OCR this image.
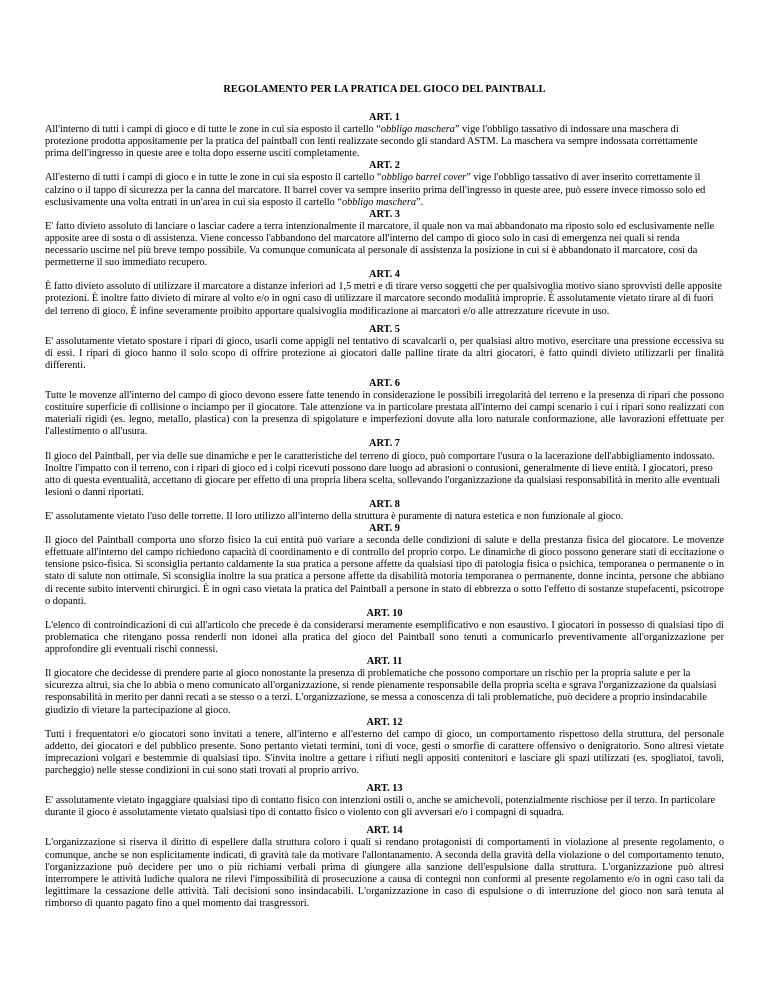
REGOLAMENTO PER LA PRATICA DEL GIOCO DEL PAINTBALL
ART. 1
All'interno di tutti i campi di gioco e di tutte le zone in cui sia esposto il cartello “obbligo maschera” vige l'obbligo tassativo di indossare una maschera di protezione prodotta appositamente per la pratica del paintball con lenti realizzate secondo gli standard ASTM. La maschera va sempre indossata correttamente prima dell'ingresso in queste aree e tolta dopo esserne usciti completamente.
ART. 2
All'esterno di tutti i campi di gioco e in tutte le zone in cui sia esposto il cartello “obbligo barrel cover” vige l'obbligo tassativo di aver inserito correttamente il calzino o il tappo di sicurezza per la canna del marcatore. Il barrel cover va sempre inserito prima dell'ingresso in queste aree, può essere invece rimosso solo ed esclusivamente una volta entrati in un'area in cui sia esposto il cartello “obbligo maschera”.
ART. 3
E' fatto divieto assoluto di lanciare o lasciar cadere a terra intenzionalmente il marcatore, il quale non va mai abbandonato ma riposto solo ed esclusivamente nelle apposite aree di sosta o di assistenza. Viene concesso l'abbandono del marcatore all'interno del campo di gioco solo in casi di emergenza nei quali si renda necessario uscirne nel più breve tempo possibile. Va comunque comunicata al personale di assistenza la posizione in cui si è abbandonato il marcatore, così da permetterne il suo immediato recupero.
ART. 4
È fatto divieto assoluto di utilizzare il marcatore a distanze inferiori ad 1,5 metri e di tirare verso soggetti che per qualsivoglia motivo siano sprovvisti delle apposite protezioni. È inoltre fatto divieto di mirare al volto e/o in ogni caso di utilizzare il marcatore secondo modalità improprie. È assolutamente vietato tirare al di fuori del terreno di gioco. È infine severamente proibito apportare qualsivoglia modificazione ai marcatori e/o alle attrezzature ricevute in uso.
ART. 5
E' assolutamente vietato spostare i ripari di gioco, usarli come appigli nel tentativo di scavalcarli o, per qualsiasi altro motivo, esercitare una pressione eccessiva su di essi. I ripari di gioco hanno il solo scopo di offrire protezione ai giocatori dalle palline tirate da altri giocatori, è fatto quindi divieto utilizzarli per finalità differenti.
ART. 6
Tutte le movenze all'interno del campo di gioco devono essere fatte tenendo in considerazione le possibili irregolarità del terreno e la presenza di ripari che possono costituire superficie di collisione o inciampo per il giocatore. Tale attenzione va in particolare prestata all'interno dei campi scenario i cui i ripari sono realizzati con materiali rigidi (es. legno, metallo, plastica) con la presenza di spigolature e imperfezioni dovute alla loro naturale conformazione, alle lavorazioni effettuate per l'allestimento o all'usura.
ART. 7
Il gioco del Paintball, per via delle sue dinamiche e per le caratteristiche del terreno di gioco, può comportare l'usura o la lacerazione dell'abbigliamento indossato. Inoltre l'impatto con il terreno, con i ripari di gioco ed i colpi ricevuti possono dare luogo ad abrasioni o contusioni, generalmente di lieve entità. I giocatori, preso atto di questa eventualità, accettano di giocare per effetto di una propria libera scelta, sollevando l'organizzazione da qualsiasi responsabilità in merito alle eventuali lesioni o danni riportati.
ART. 8
E' assolutamente vietato l'uso delle torrette. Il loro utilizzo all'interno della struttura è puramente di natura estetica e non funzionale al gioco.
ART. 9
Il gioco del Paintball comporta uno sforzo fisico la cui entità può variare a seconda delle condizioni di salute e della prestanza fisica del giocatore. Le movenze effettuate all'interno del campo richiedono capacità di coordinamento e di controllo del proprio corpo. Le dinamiche di gioco possono generare stati di eccitazione o tensione psico-fisica. Si sconsiglia pertanto caldamente la sua pratica a persone affette da qualsiasi tipo di patologia fisica o psichica, temporanea o permanente o in stato di salute non ottimale. Si sconsiglia inoltre la sua pratica a persone affette da disabilità motoria temporanea o permanente, donne incinta, persone che abbiano di recente subito interventi chirurgici. È in ogni caso vietata la pratica del Paintball a persone in stato di ebbrezza o sotto l'effetto di sostanze stupefacenti, psicotrope o dopanti.
ART. 10
L'elenco di controindicazioni di cui all'articolo che precede è da considerarsi meramente esemplificativo e non esaustivo. I giocatori in possesso di qualsiasi tipo di problematica che ritengano possa renderli non idonei alla pratica del gioco del Paintball sono tenuti a comunicarlo preventivamente all'organizzazione per approfondire gli eventuali rischi connessi.
ART. 11
Il giocatore che decidesse di prendere parte al gioco nonostante la presenza di problematiche che possono comportare un rischio per la propria salute e per la sicurezza altrui, sia che lo abbia o meno comunicato all'organizzazione, si rende pienamente responsabile della propria scelta e sgrava l'organizzazione da qualsiasi responsabilità in merito per danni recati a se stesso o a terzi. L'organizzazione, se messa a conoscenza di tali problematiche, può decidere a proprio insindacabile giudizio di vietare la partecipazione al gioco.
ART. 12
Tutti i frequentatori e/o giocatori sono invitati a tenere, all'interno e all'esterno del campo di gioco, un comportamento rispettoso della struttura, del personale addetto, dei giocatori e del pubblico presente. Sono pertanto vietati termini, toni di voce, gesti o smorfie di carattere offensivo o denigratorio. Sono altresì vietate imprecazioni volgari e bestemmie di qualsiasi tipo. S'invita inoltre a gettare i rifiuti negli appositi contenitori e lasciare gli spazi utilizzati (es. spogliatoi, tavoli, parcheggio) nelle stesse condizioni in cui sono stati trovati al proprio arrivo.
ART. 13
E' assolutamente vietato ingaggiare qualsiasi tipo di contatto fisico con intenzioni ostili o, anche se amichevoli, potenzialmente rischiose per il terzo. In particolare durante il gioco è assolutamente vietato qualsiasi tipo di contatto fisico o violento con gli avversari e/o i compagni di squadra.
ART. 14
L'organizzazione si riserva il diritto di espellere dalla struttura coloro i quali si rendano protagonisti di comportamenti in violazione al presente regolamento, o comunque, anche se non esplicitamente indicati, di gravità tale da motivare l'allontanamento. A seconda della gravità della violazione o del comportamento tenuto, l'organizzazione può decidere per uno o più richiami verbali prima di giungere alla sanzione dell'espulsione dalla struttura. L'organizzazione può altresì interrompere le attività ludiche qualora ne rilevi l'impossibilità di prosecuzione a causa di contegni non conformi al presente regolamento e/o in ogni caso tali da legittimare la cessazione delle attività. Tali decisioni sono insindacabili. L'organizzazione in caso di espulsione o di interruzione del gioco non sarà tenuta al rimborso di quanto pagato fino a quel momento dai trasgressori.
